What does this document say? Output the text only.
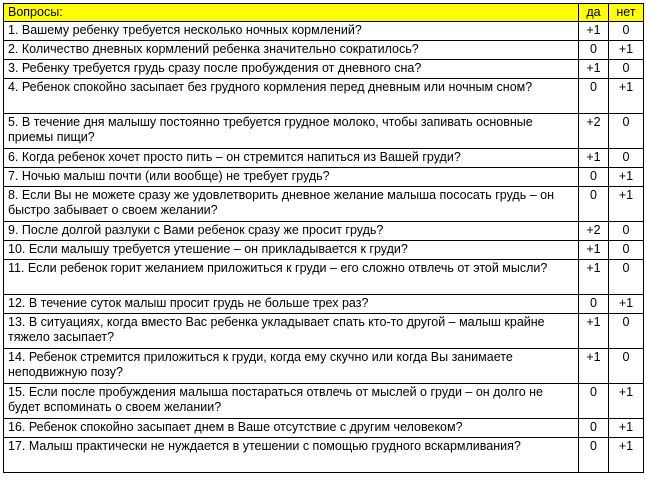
Вопросы:	да	нет
1. Вашему ребенку требуется несколько ночных кормлений?	+1	0
2. Количество дневных кормлений ребенка значительно сократилось?	0	+1
3. Ребенку требуется грудь сразу после пробуждения от дневного сна?	+1	0
4. Ребенок спокойно засыпает без грудного кормления перед дневным или ночным сном?	0	+1
5. В течение дня малышу постоянно требуется грудное молоко, чтобы запивать основные приемы пищи?	+2	0
6. Когда ребенок хочет просто пить – он стремится напиться из Вашей груди?	+1	0
7. Ночью малыш почти (или вообще) не требует грудь?	0	+1
8. Если Вы не можете сразу же удовлетворить дневное желание малыша пососать грудь – он быстро забывает о своем желании?	0	+1
9. После долгой разлуки с Вами ребенок сразу же просит грудь?	+2	0
10. Если малышу требуется утешение – он прикладывается к груди?	+1	0
11. Если ребенок горит желанием приложиться к груди – его сложно отвлечь от этой мысли?	+1	0
12. В течение суток малыш просит грудь не больше трех раз?	0	+1
13. В ситуациях, когда вместо Вас ребенка укладывает спать кто-то другой – малыш крайне тяжело засыпает?	+1	0
14. Ребенок стремится приложиться к груди, когда ему скучно или когда Вы занимаете неподвижную позу?	+1	0
15. Если после пробуждения малыша постараться отвлечь от мыслей о груди – он долго не будет вспоминать о своем желании?	0	+1
16. Ребенок спокойно засыпает днем в Ваше отсутствие с другим человеком?	0	+1
17. Малыш практически не нуждается в утешении с помощью грудного вскармливания?	0	+1
